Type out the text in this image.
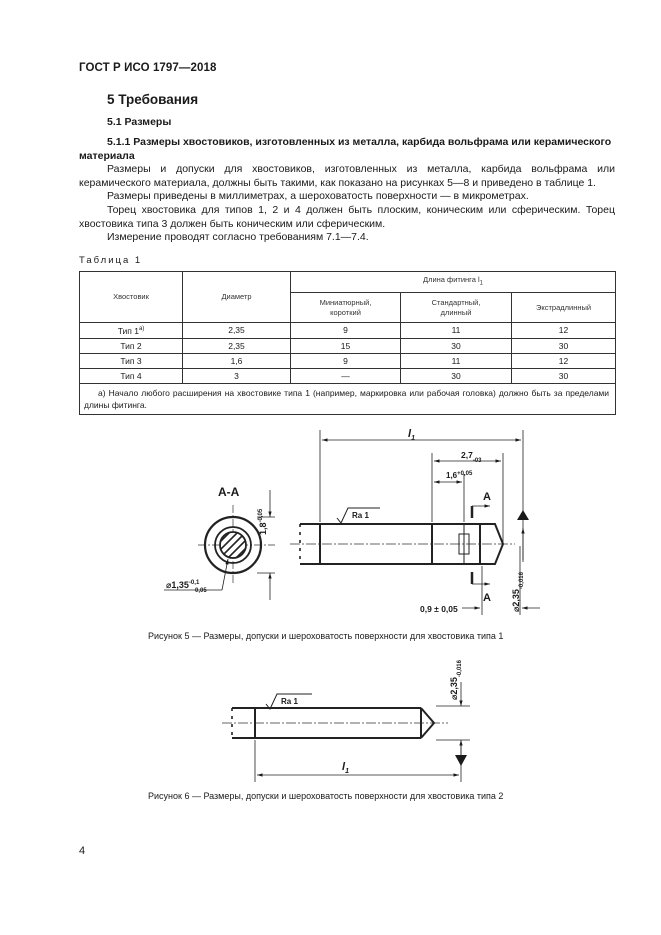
ГОСТ Р ИСО 1797—2018
5 Требования
5.1 Размеры
5.1.1 Размеры хвостовиков, изготовленных из металла, карбида вольфрама или керамического материала
Размеры и допуски для хвостовиков, изготовленных из металла, карбида вольфрама или керамического материала, должны быть такими, как показано на рисунках 5—8 и приведено в таблице 1.
Размеры приведены в миллиметрах, а шероховатость поверхности — в микрометрах.
Торец хвостовика для типов 1, 2 и 4 должен быть плоским, коническим или сферическим. Торец хвостовика типа 3 должен быть коническим или сферическим.
Измерение проводят согласно требованиям 7.1—7.4.
Таблица 1
Хвостовик	Диаметр	Длина фитинга $l_1$

		Миниатюрный, короткий	Стандартный, длинный	Экстрадлинный
Тип 1$^{a)}$	2,35	9	11	12
Тип 2	2,35	15	30	30
Тип 3	1,6	9	11	12
Тип 4	3	—	30	30
а) Начало любого расширения на хвостовике типа 1 (например, маркировка или рабочая головка) должно быть за пределами длины фитинга.				
A-A
$1,8^{-0,05}$
$⌀1,35^{-0,1}$
0,05
Ra 1
$l_1$
$2,7_{-03}$
$1,6^{+0,05}$
A
A
0,9 ± 0,05	$⌀2,35_{-0,016}$
Ra 1
$⌀2,35_{-0,016}$
$l_1$
Рисунок 5 — Размеры, допуски и шероховатость поверхности для хвостовика типа 1
Рисунок 6 — Размеры, допуски и шероховатость поверхности для хвостовика типа 2
4
